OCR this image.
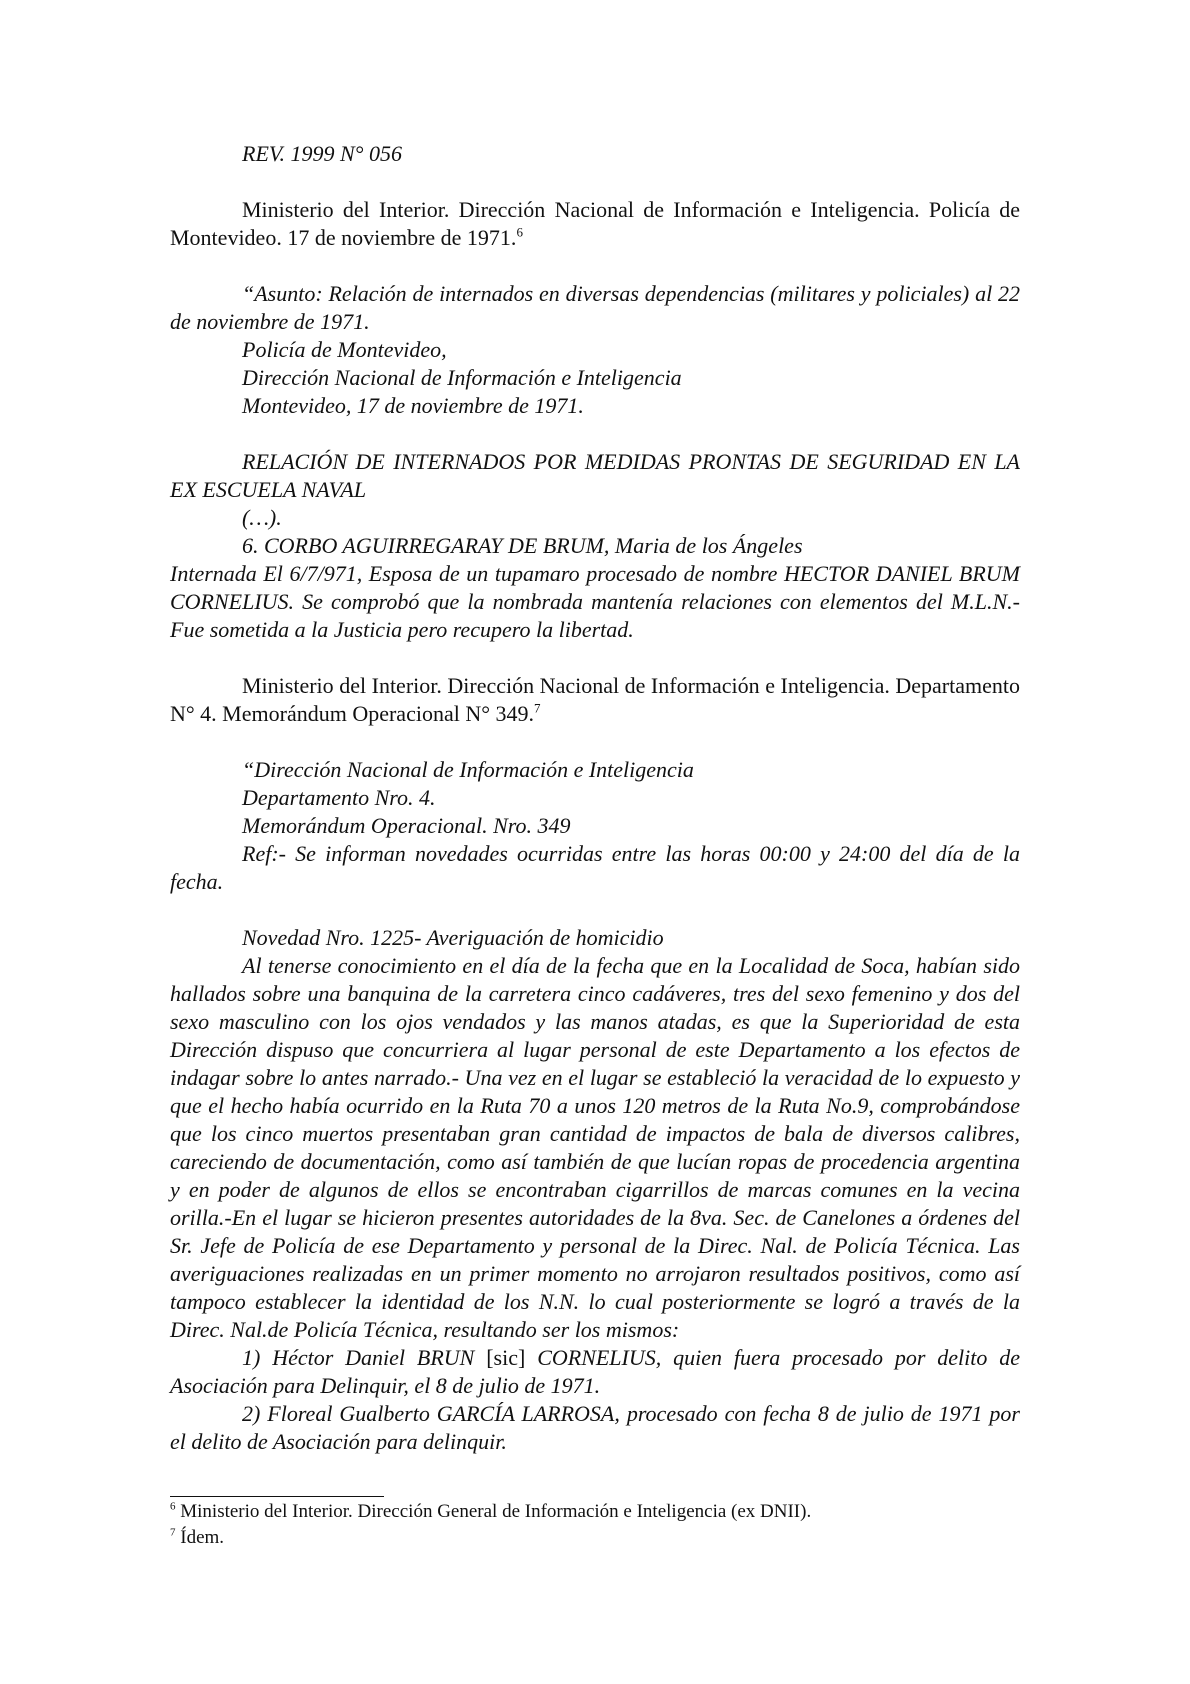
REV. 1999 N° 056

Ministerio del Interior. Dirección Nacional de Información e Inteligencia. Policía de Montevideo. 17 de noviembre de 1971.$^6$

“Asunto: Relación de internados en diversas dependencias (militares y policiales) al 22 de noviembre de 1971.

Policía de Montevideo,

Dirección Nacional de Información e Inteligencia

Montevideo, 17 de noviembre de 1971.

RELACIÓN DE INTERNADOS POR MEDIDAS PRONTAS DE SEGURIDAD EN LA EX ESCUELA NAVAL

(…).

6. CORBO AGUIRREGARAY DE BRUM, Maria de los Ángeles

Internada El 6/7/971, Esposa de un tupamaro procesado de nombre HECTOR DANIEL BRUM CORNELIUS. Se comprobó que la nombrada mantenía relaciones con elementos del M.L.N.- Fue sometida a la Justicia pero recupero la libertad.

Ministerio del Interior. Dirección Nacional de Información e Inteligencia. Departamento N° 4. Memorándum Operacional N° 349.$^7$

“Dirección Nacional de Información e Inteligencia

Departamento Nro. 4.

Memorándum Operacional. Nro. 349

Ref:- Se informan novedades ocurridas entre las horas 00:00 y 24:00 del día de la fecha.

Novedad Nro. 1225- Averiguación de homicidio

Al tenerse conocimiento en el día de la fecha que en la Localidad de Soca, habían sido hallados sobre una banquina de la carretera cinco cadáveres, tres del sexo femenino y dos del sexo masculino con los ojos vendados y las manos atadas, es que la Superioridad de esta Dirección dispuso que concurriera al lugar personal de este Departamento a los efectos de indagar sobre lo antes narrado.- Una vez en el lugar se estableció la veracidad de lo expuesto y que el hecho había ocurrido en la Ruta 70 a unos 120 metros de la Ruta No.9, comprobándose que los cinco muertos presentaban gran cantidad de impactos de bala de diversos calibres, careciendo de documentación, como así también de que lucían ropas de procedencia argentina y en poder de algunos de ellos se encontraban cigarrillos de marcas comunes en la vecina orilla.-En el lugar se hicieron presentes autoridades de la 8va. Sec. de Canelones a órdenes del Sr. Jefe de Policía de ese Departamento y personal de la Direc. Nal. de Policía Técnica. Las averiguaciones realizadas en un primer momento no arrojaron resultados positivos, como así tampoco establecer la identidad de los N.N. lo cual posteriormente se logró a través de la Direc. Nal.de Policía Técnica, resultando ser los mismos:

1) Héctor Daniel BRUN [sic] CORNELIUS, quien fuera procesado por delito de Asociación para Delinquir, el 8 de julio de 1971.

2) Floreal Gualberto GARCÍA LARROSA, procesado con fecha 8 de julio de 1971 por el delito de Asociación para delinquir.

$^6$ Ministerio del Interior. Dirección General de Información e Inteligencia (ex DNII).
$^7$ Ídem.
